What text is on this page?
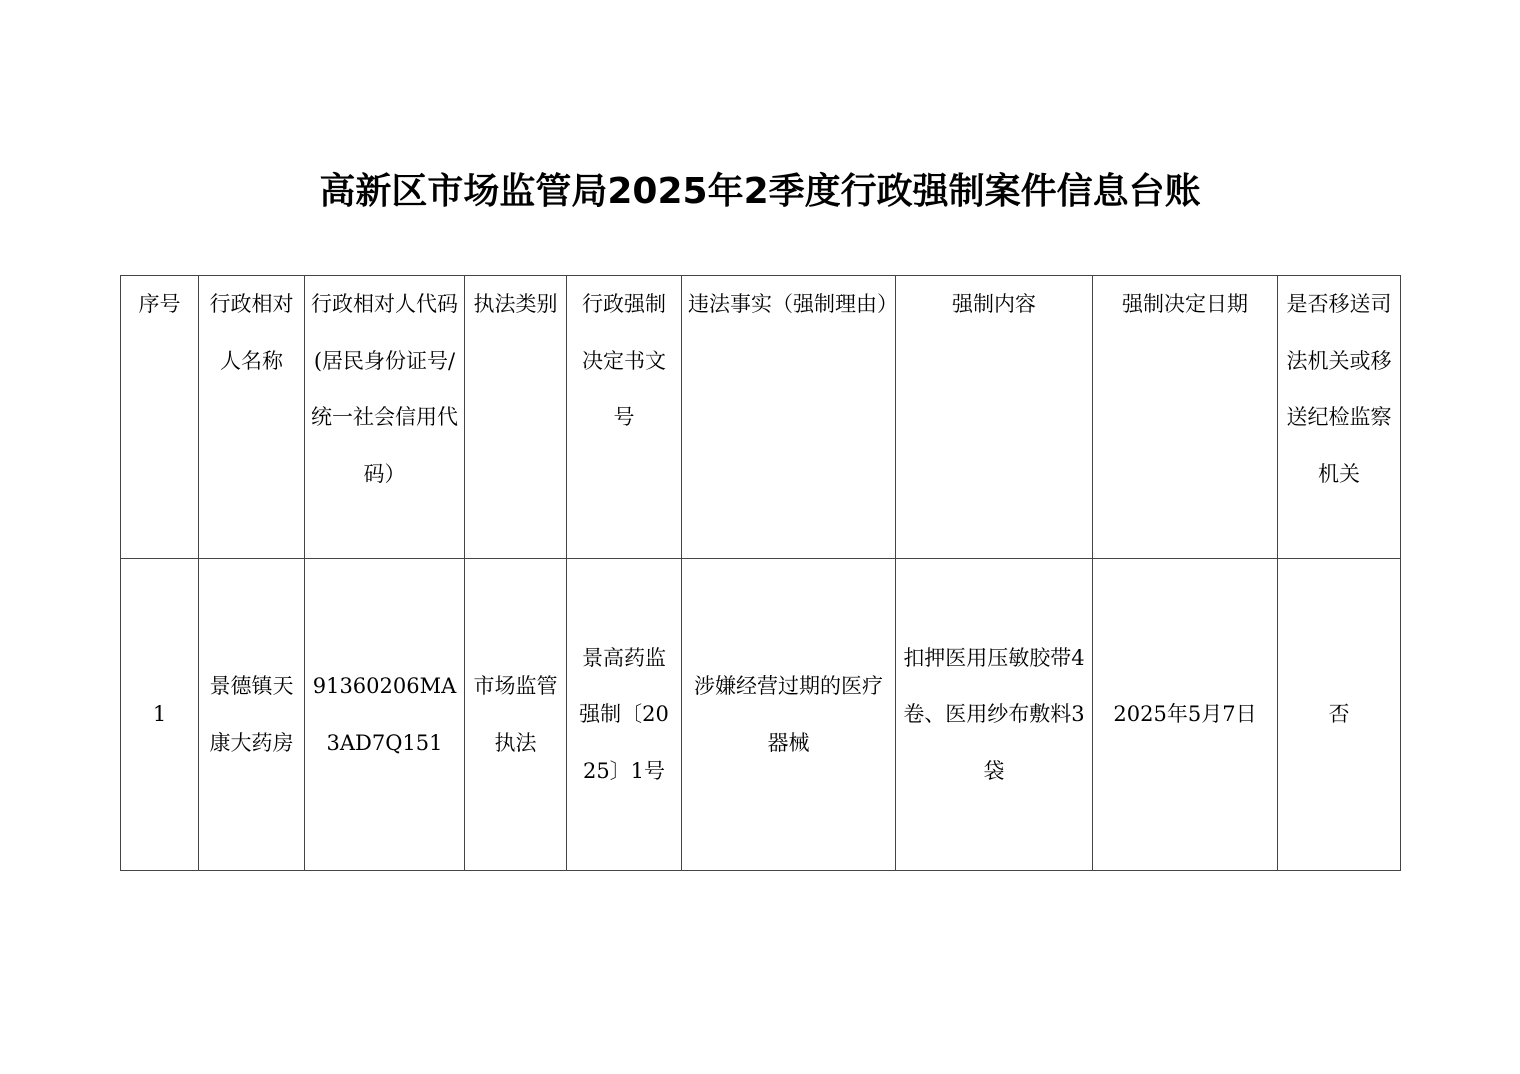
高新区市场监管局2025年2季度行政强制案件信息台账
序号	行政相对人名称	行政相对人代码(居民身份证号/统一社会信用代码）	执法类别	行政强制决定书文号	违法事实（强制理由）	强制内容	强制决定日期	是否移送司法机关或移送纪检监察机关

1	景德镇天康大药房	91360206MA3AD7Q151	市场监管执法	景高药监强制〔2025〕1号	涉嫌经营过期的医疗器械	扣押医用压敏胶带4卷、医用纱布敷料3袋	2025年5月7日	否
